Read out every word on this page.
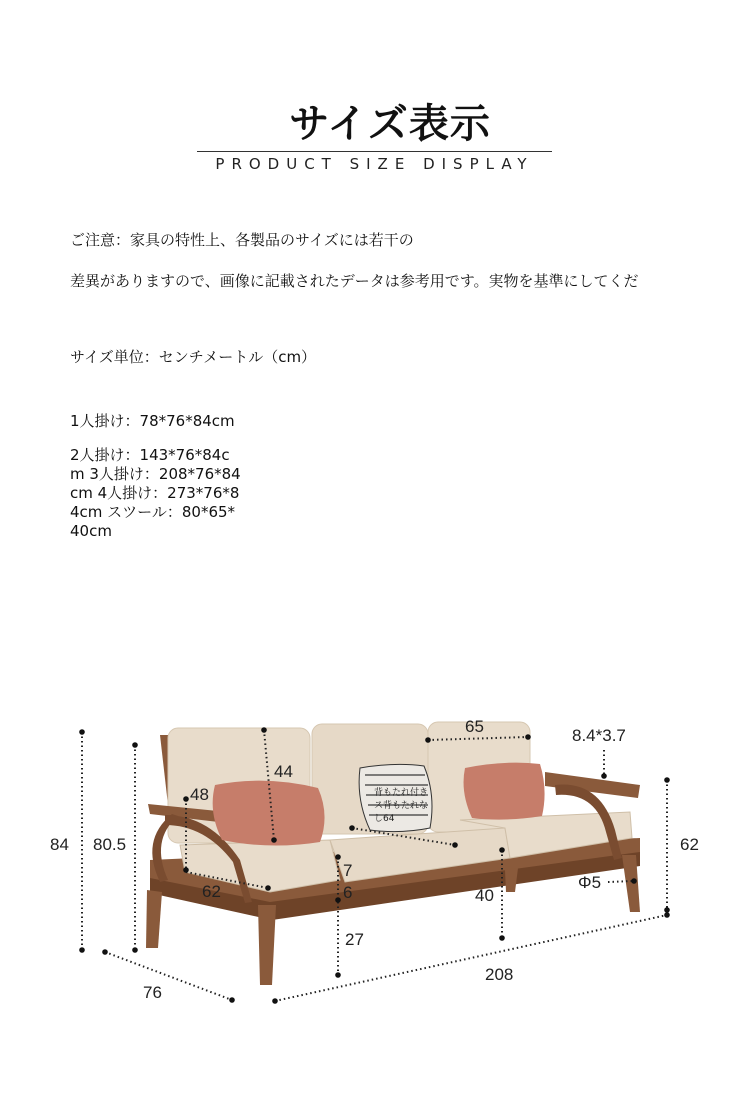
サイズ表示
PRODUCT SIZE DISPLAY
ご注意：家具の特性上、各製品のサイズには若干の
差異がありますので、画像に記載されたデータは参考用です。実物を基準にしてくだ
サイズ単位：センチメートル（cm）
1人掛け：78*76*84cm
2人掛け：143*76*84c
m 3人掛け：208*76*84
cm 4人掛け：273*76*8
4cm スツール：80*65*
40cm
84 80.5
65	8.4*3.7
44
48
62
Φ5
62
7
6	40
27
76
208
背もたれ付き
ス背もたれな
し64
